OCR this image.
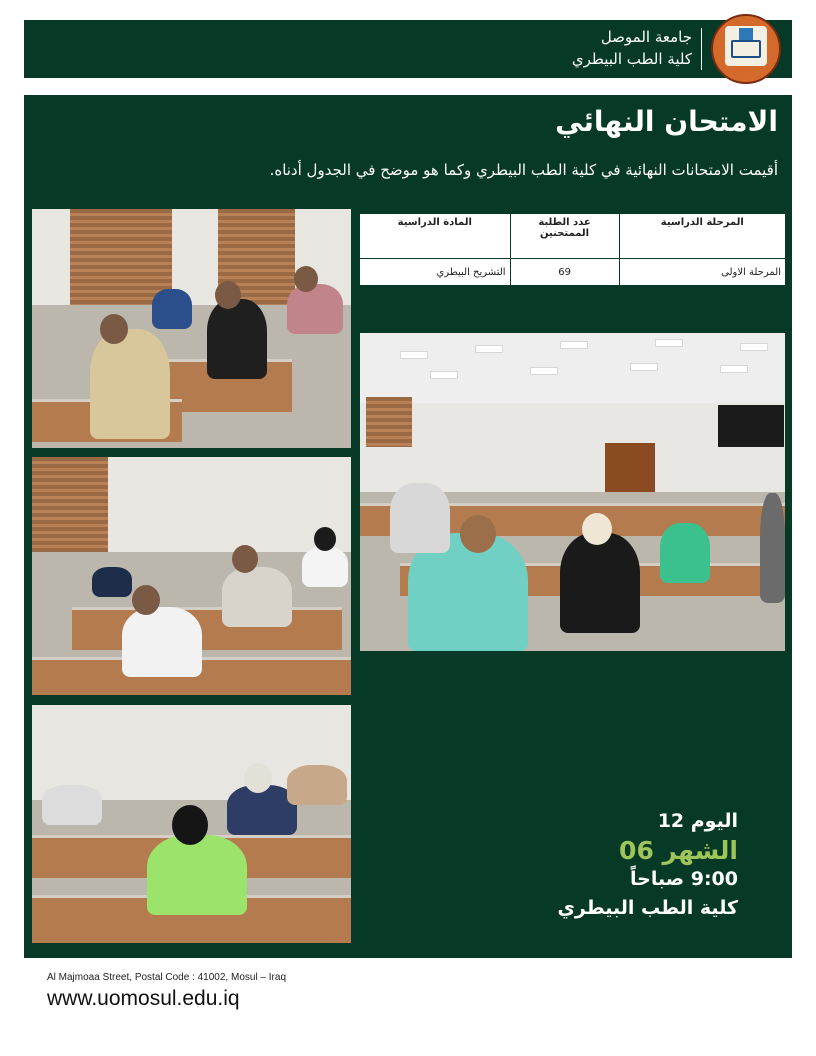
جامعة الموصل
كلية الطب البيطري
الامتحان النهائي
أقيمت الامتحانات النهائية في كلية الطب البيطري وكما هو موضح في الجدول أدناه.
المرحلة الدراسية	عدد الطلبة الممتحنين	المادة الدراسية
المرحلة الاولى	69	التشريح البيطري
اليوم 12
الشهر 06
9:00 صباحاً
كلية الطب البيطري
Al Majmoaa Street, Postal Code : 41002, Mosul – Iraq
www.uomosul.edu.iq
